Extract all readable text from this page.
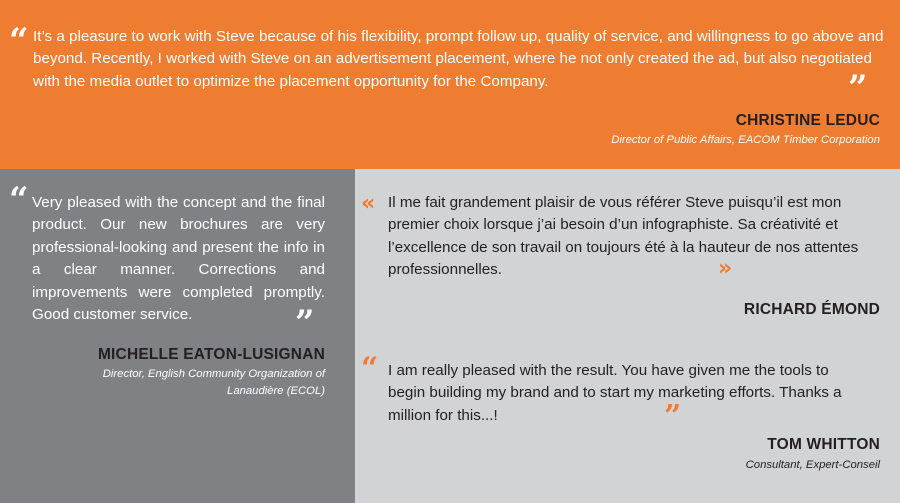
“ It’s a pleasure to work with Steve because of his flexibility, prompt follow up, quality of service, and willingness to go above and beyond. Recently, I worked with Steve on an advertisement placement, where he not only created the ad, but also negotiated with the media outlet to optimize the placement opportunity for the Company.	”
CHRISTINE LEDUC
Director of Public Affairs, EACOM Timber Corporation
“ Very pleased with the concept and the final product. Our new brochures are very professional-looking and present the info in a clear manner. Corrections and improvements were completed promptly. Good customer service.	”
MICHELLE EATON-LUSIGNAN
Director, English Community Organization of Lanaudière (ECOL)
« Il me fait grandement plaisir de vous référer Steve puisqu’il est mon premier choix lorsque j’ai besoin d’un infographiste. Sa créativité et l’excellence de son travail on toujours été à la hauteur de nos attentes professionnelles.	»
RICHARD ÉMOND
“ I am really pleased with the result. You have given me the tools to begin building my brand and to start my marketing efforts. Thanks a million for this...!	”
TOM WHITTON
Consultant, Expert-Conseil
